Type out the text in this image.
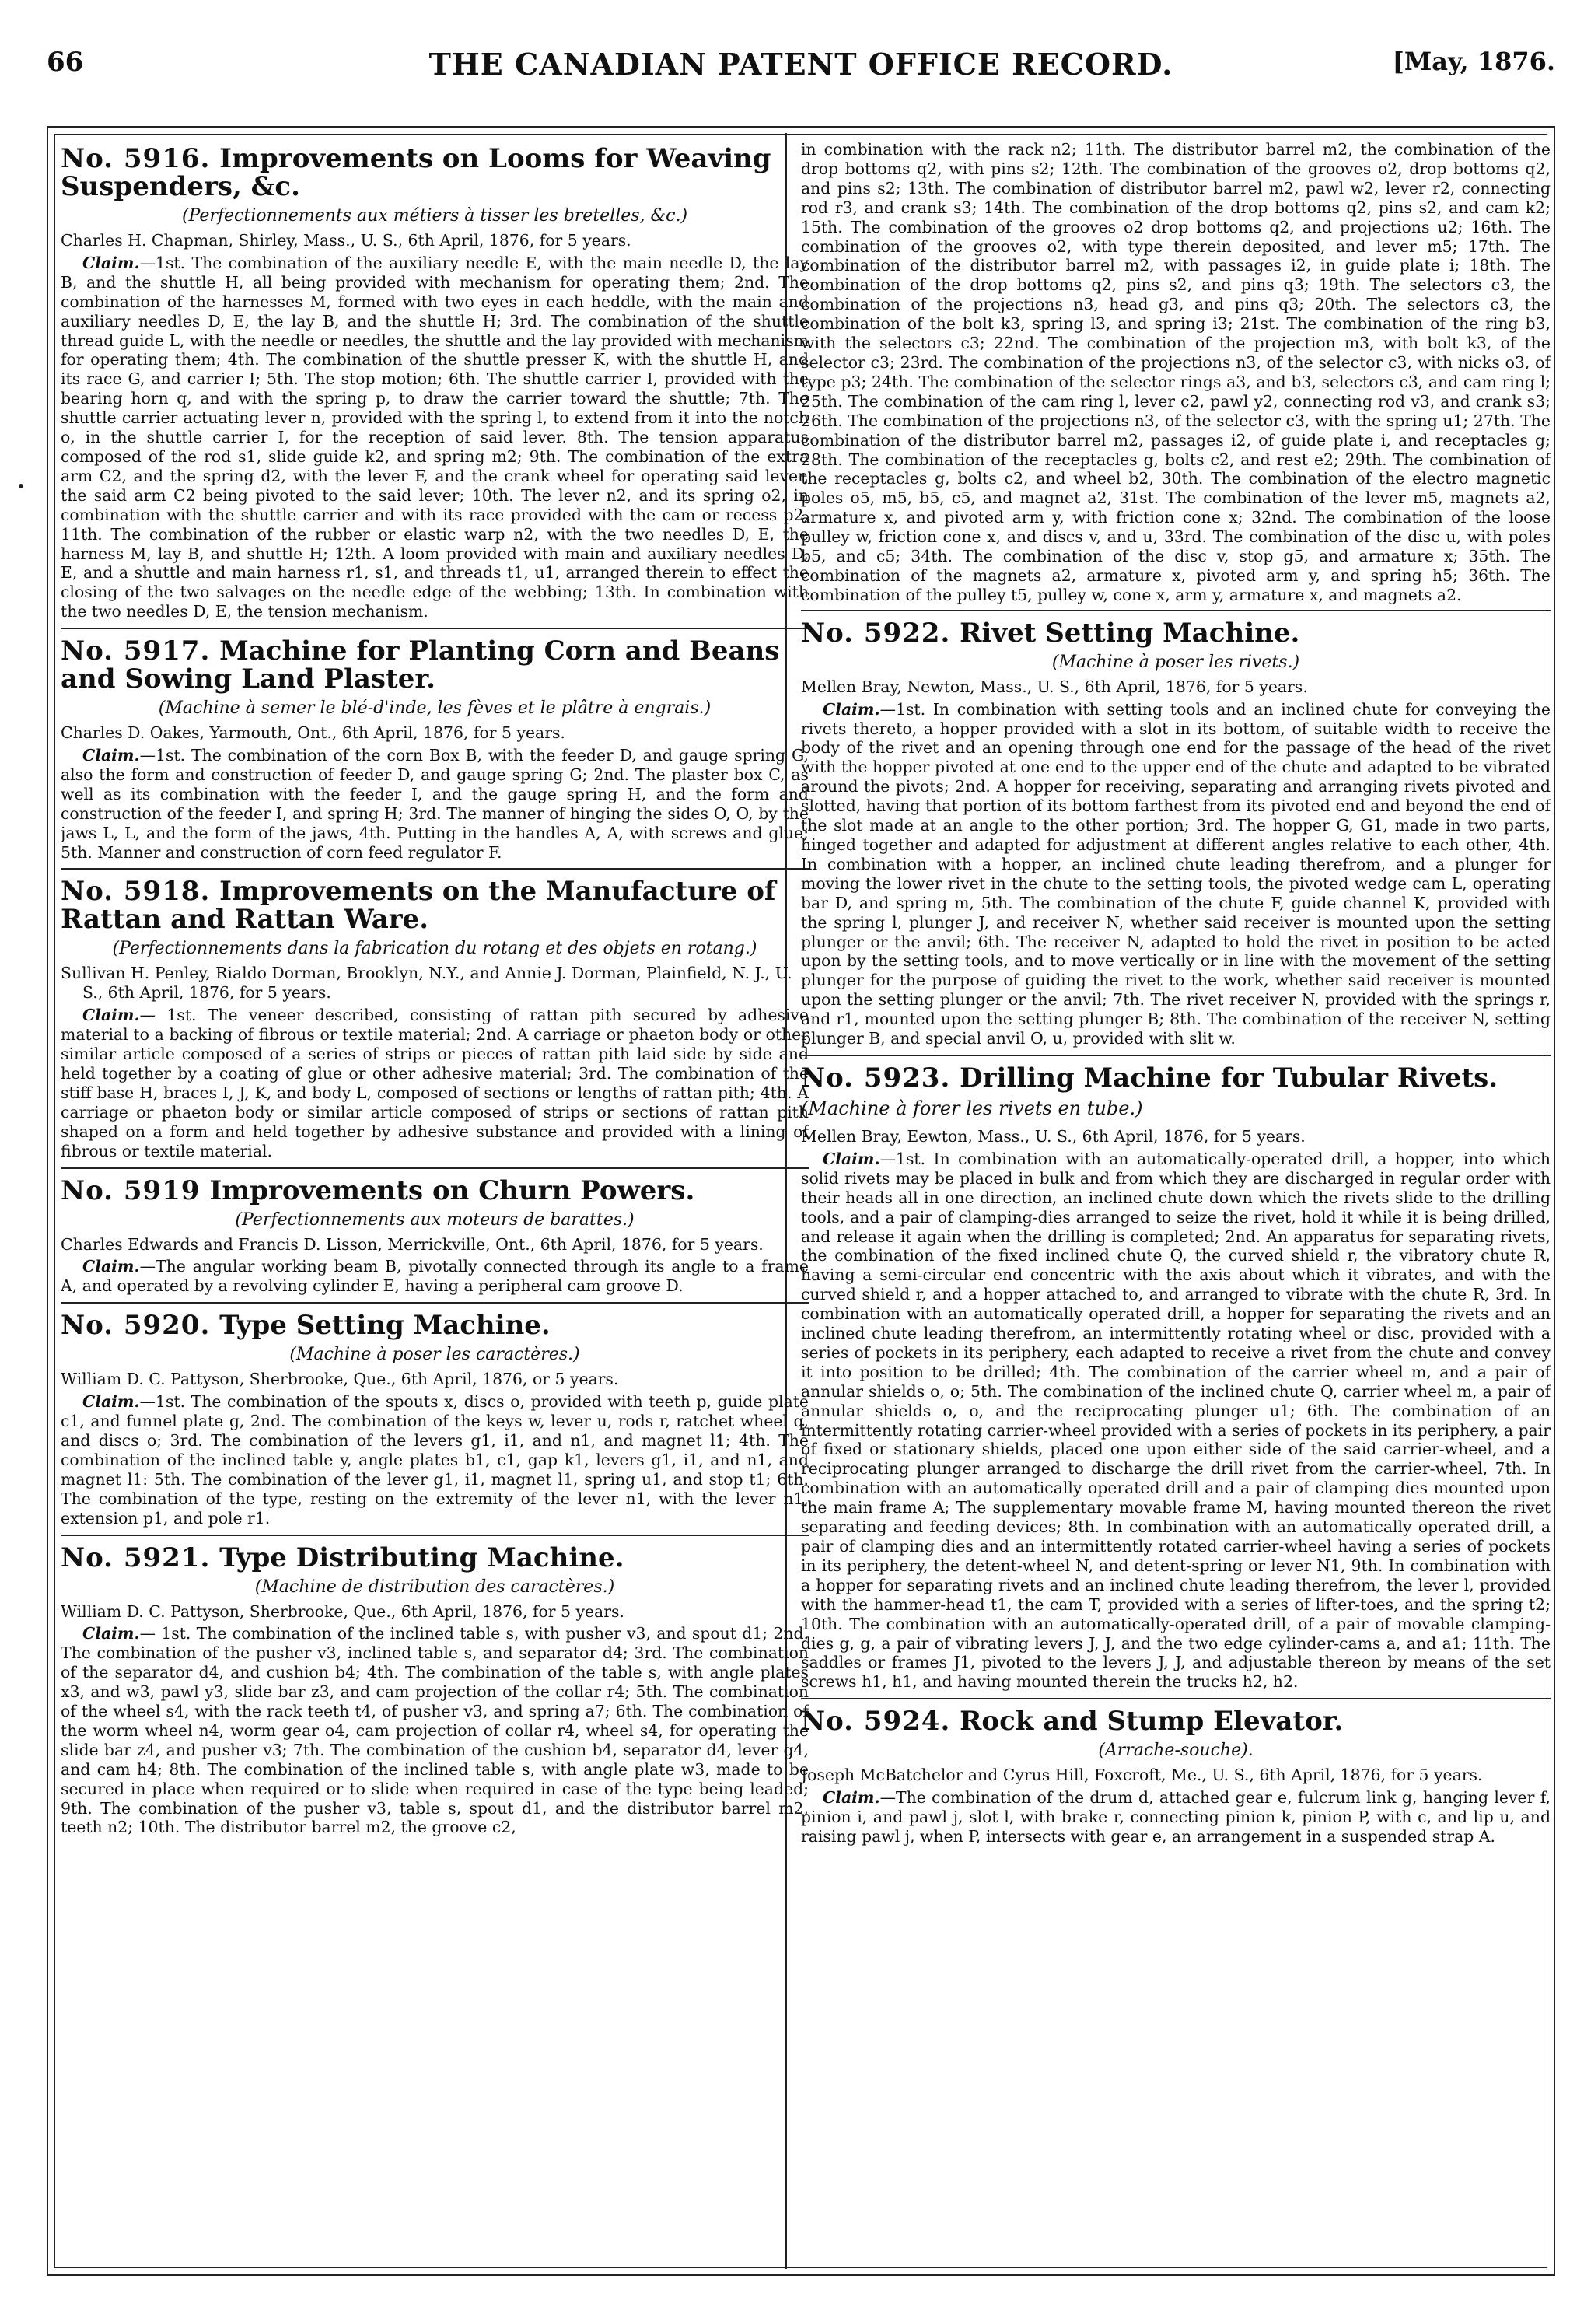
66	THE CANADIAN PATENT OFFICE RECORD.	[May, 1876.
No. 5916. Improvements on Looms for Weaving Suspenders, &c.
(Perfectionnements aux métiers à tisser les bretelles, &c.)
Charles H. Chapman, Shirley, Mass., U. S., 6th April, 1876, for 5 years.

Claim.—1st. The combination of the auxiliary needle E, with the main needle D, the lay B, and the shuttle H, all being provided with mechanism for operating them; 2nd. The combination of the harnesses M, formed with two eyes in each heddle, with the main and auxiliary needles D, E, the lay B, and the shuttle H; 3rd. The combination of the shuttle thread guide L, with the needle or needles, the shuttle and the lay provided with mechanism for operating them; 4th. The combination of the shuttle presser K, with the shuttle H, and its race G, and carrier I; 5th. The stop motion; 6th. The shuttle carrier I, provided with the bearing horn q, and with the spring p, to draw the carrier toward the shuttle; 7th. The shuttle carrier actuating lever n, provided with the spring l, to extend from it into the notch o, in the shuttle carrier I, for the reception of said lever. 8th. The tension apparatus composed of the rod s1, slide guide k2, and spring m2; 9th. The combination of the extra arm C2, and the spring d2, with the lever F, and the crank wheel for operating said lever, the said arm C2 being pivoted to the said lever; 10th. The lever n2, and its spring o2, in combination with the shuttle carrier and with its race provided with the cam or recess p2, 11th. The combination of the rubber or elastic warp n2, with the two needles D, E, the harness M, lay B, and shuttle H; 12th. A loom provided with main and auxiliary needles D, E, and a shuttle and main harness r1, s1, and threads t1, u1, arranged therein to effect the closing of the two salvages on the needle edge of the webbing; 13th. In combination with the two needles D, E, the tension mechanism.

No. 5917. Machine for Planting Corn and Beans and Sowing Land Plaster.
(Machine à semer le blé-d'inde, les fèves et le plâtre à engrais.)
Charles D. Oakes, Yarmouth, Ont., 6th April, 1876, for 5 years.

Claim.—1st. The combination of the corn Box B, with the feeder D, and gauge spring G, also the form and construction of feeder D, and gauge spring G; 2nd. The plaster box C, as well as its combination with the feeder I, and the gauge spring H, and the form and construction of the feeder I, and spring H; 3rd. The manner of hinging the sides O, O, by the jaws L, L, and the form of the jaws, 4th. Putting in the handles A, A, with screws and glue; 5th. Manner and construction of corn feed regulator F.

No. 5918. Improvements on the Manufacture of Rattan and Rattan Ware.
(Perfectionnements dans la fabrication du rotang et des objets en rotang.)
Sullivan H. Penley, Rialdo Dorman, Brooklyn, N.Y., and Annie J. Dorman, Plainfield, N. J., U. S., 6th April, 1876, for 5 years.

Claim.— 1st. The veneer described, consisting of rattan pith secured by adhesive material to a backing of fibrous or textile material; 2nd. A carriage or phaeton body or other similar article composed of a series of strips or pieces of rattan pith laid side by side and held together by a coating of glue or other adhesive material; 3rd. The combination of the stiff base H, braces I, J, K, and body L, composed of sections or lengths of rattan pith; 4th. A carriage or phaeton body or similar article composed of strips or sections of rattan pith shaped on a form and held together by adhesive substance and provided with a lining of fibrous or textile material.

No. 5919 Improvements on Churn Powers.
(Perfectionnements aux moteurs de barattes.)
Charles Edwards and Francis D. Lisson, Merrickville, Ont., 6th April, 1876, for 5 years.

Claim.—The angular working beam B, pivotally connected through its angle to a frame A, and operated by a revolving cylinder E, having a peripheral cam groove D.

No. 5920. Type Setting Machine.
(Machine à poser les caractères.)
William D. C. Pattyson, Sherbrooke, Que., 6th April, 1876, or 5 years.

Claim.—1st. The combination of the spouts x, discs o, provided with teeth p, guide plate c1, and funnel plate g, 2nd. The combination of the keys w, lever u, rods r, ratchet wheel q, and discs o; 3rd. The combination of the levers g1, i1, and n1, and magnet l1; 4th. The combination of the inclined table y, angle plates b1, c1, gap k1, levers g1, i1, and n1, and magnet l1: 5th. The combination of the lever g1, i1, magnet l1, spring u1, and stop t1; 6th. The combination of the type, resting on the extremity of the lever n1, with the lever n1, extension p1, and pole r1.

No. 5921. Type Distributing Machine.
(Machine de distribution des caractères.)
William D. C. Pattyson, Sherbrooke, Que., 6th April, 1876, for 5 years.

Claim.— 1st. The combination of the inclined table s, with pusher v3, and spout d1; 2nd. The combination of the pusher v3, inclined table s, and separator d4; 3rd. The combination of the separator d4, and cushion b4; 4th. The combination of the table s, with angle plates x3, and w3, pawl y3, slide bar z3, and cam projection of the collar r4; 5th. The combination of the wheel s4, with the rack teeth t4, of pusher v3, and spring a7; 6th. The combination of the worm wheel n4, worm gear o4, cam projection of collar r4, wheel s4, for operating the slide bar z4, and pusher v3; 7th. The combination of the cushion b4, separator d4, lever g4, and cam h4; 8th. The combination of the inclined table s, with angle plate w3, made to be secured in place when required or to slide when required in case of the type being leaded; 9th. The combination of the pusher v3, table s, spout d1, and the distributor barrel m2, teeth n2; 10th. The distributor barrel m2, the groove c2,

in combination with the rack n2; 11th. The distributor barrel m2, the combination of the drop bottoms q2, with pins s2; 12th. The combination of the grooves o2, drop bottoms q2, and pins s2; 13th. The combination of distributor barrel m2, pawl w2, lever r2, connecting rod r3, and crank s3; 14th. The combination of the drop bottoms q2, pins s2, and cam k2; 15th. The combination of the grooves o2 drop bottoms q2, and projections u2; 16th. The combination of the grooves o2, with type therein deposited, and lever m5; 17th. The combination of the distributor barrel m2, with passages i2, in guide plate i; 18th. The combination of the drop bottoms q2, pins s2, and pins q3; 19th. The selectors c3, the combination of the projections n3, head g3, and pins q3; 20th. The selectors c3, the combination of the bolt k3, spring l3, and spring i3; 21st. The combination of the ring b3, with the selectors c3; 22nd. The combination of the projection m3, with bolt k3, of the selector c3; 23rd. The combination of the projections n3, of the selector c3, with nicks o3, of type p3; 24th. The combination of the selector rings a3, and b3, selectors c3, and cam ring l; 25th. The combination of the cam ring l, lever c2, pawl y2, connecting rod v3, and crank s3; 26th. The combination of the projections n3, of the selector c3, with the spring u1; 27th. The combination of the distributor barrel m2, passages i2, of guide plate i, and receptacles g; 28th. The combination of the receptacles g, bolts c2, and rest e2; 29th. The combination of the receptacles g, bolts c2, and wheel b2, 30th. The combination of the electro magnetic poles o5, m5, b5, c5, and magnet a2, 31st. The combination of the lever m5, magnets a2, armature x, and pivoted arm y, with friction cone x; 32nd. The combination of the loose pulley w, friction cone x, and discs v, and u, 33rd. The combination of the disc u, with poles b5, and c5; 34th. The combination of the disc v, stop g5, and armature x; 35th. The combination of the magnets a2, armature x, pivoted arm y, and spring h5; 36th. The combination of the pulley t5, pulley w, cone x, arm y, armature x, and magnets a2.

No. 5922. Rivet Setting Machine.
(Machine à poser les rivets.)
Mellen Bray, Newton, Mass., U. S., 6th April, 1876, for 5 years.

Claim.—1st. In combination with setting tools and an inclined chute for conveying the rivets thereto, a hopper provided with a slot in its bottom, of suitable width to receive the body of the rivet and an opening through one end for the passage of the head of the rivet with the hopper pivoted at one end to the upper end of the chute and adapted to be vibrated around the pivots; 2nd. A hopper for receiving, separating and arranging rivets pivoted and slotted, having that portion of its bottom farthest from its pivoted end and beyond the end of the slot made at an angle to the other portion; 3rd. The hopper G, G1, made in two parts, hinged together and adapted for adjustment at different angles relative to each other, 4th. In combination with a hopper, an inclined chute leading therefrom, and a plunger for moving the lower rivet in the chute to the setting tools, the pivoted wedge cam L, operating bar D, and spring m, 5th. The combination of the chute F, guide channel K, provided with the spring l, plunger J, and receiver N, whether said receiver is mounted upon the setting plunger or the anvil; 6th. The receiver N, adapted to hold the rivet in position to be acted upon by the setting tools, and to move vertically or in line with the movement of the setting plunger for the purpose of guiding the rivet to the work, whether said receiver is mounted upon the setting plunger or the anvil; 7th. The rivet receiver N, provided with the springs r, and r1, mounted upon the setting plunger B; 8th. The combination of the receiver N, setting plunger B, and special anvil O, u, provided with slit w.

No. 5923. Drilling Machine for Tubular Rivets. (Machine à forer les rivets en tube.)
Mellen Bray, Eewton, Mass., U. S., 6th April, 1876, for 5 years.

Claim.—1st. In combination with an automatically-operated drill, a hopper, into which solid rivets may be placed in bulk and from which they are discharged in regular order with their heads all in one direction, an inclined chute down which the rivets slide to the drilling tools, and a pair of clamping-dies arranged to seize the rivet, hold it while it is being drilled, and release it again when the drilling is completed; 2nd. An apparatus for separating rivets, the combination of the fixed inclined chute Q, the curved shield r, the vibratory chute R, having a semi-circular end concentric with the axis about which it vibrates, and with the curved shield r, and a hopper attached to, and arranged to vibrate with the chute R, 3rd. In combination with an automatically operated drill, a hopper for separating the rivets and an inclined chute leading therefrom, an intermittently rotating wheel or disc, provided with a series of pockets in its periphery, each adapted to receive a rivet from the chute and convey it into position to be drilled; 4th. The combination of the carrier wheel m, and a pair of annular shields o, o; 5th. The combination of the inclined chute Q, carrier wheel m, a pair of annular shields o, o, and the reciprocating plunger u1; 6th. The combination of an intermittently rotating carrier-wheel provided with a series of pockets in its periphery, a pair of fixed or stationary shields, placed one upon either side of the said carrier-wheel, and a reciprocating plunger arranged to discharge the drill rivet from the carrier-wheel, 7th. In combination with an automatically operated drill and a pair of clamping dies mounted upon the main frame A; The supplementary movable frame M, having mounted thereon the rivet separating and feeding devices; 8th. In combination with an automatically operated drill, a pair of clamping dies and an intermittently rotated carrier-wheel having a series of pockets in its periphery, the detent-wheel N, and detent-spring or lever N1, 9th. In combination with a hopper for separating rivets and an inclined chute leading therefrom, the lever l, provided with the hammer-head t1, the cam T, provided with a series of lifter-toes, and the spring t2; 10th. The combination with an automatically-operated drill, of a pair of movable clamping-dies g, g, a pair of vibrating levers J, J, and the two edge cylinder-cams a, and a1; 11th. The saddles or frames J1, pivoted to the levers J, J, and adjustable thereon by means of the set screws h1, h1, and having mounted therein the trucks h2, h2.

No. 5924. Rock and Stump Elevator.
(Arrache-souche).
Joseph McBatchelor and Cyrus Hill, Foxcroft, Me., U. S., 6th April, 1876, for 5 years.

Claim.—The combination of the drum d, attached gear e, fulcrum link g, hanging lever f, pinion i, and pawl j, slot l, with brake r, connecting pinion k, pinion P, with c, and lip u, and raising pawl j, when P, intersects with gear e, an arrangement in a suspended strap A.
